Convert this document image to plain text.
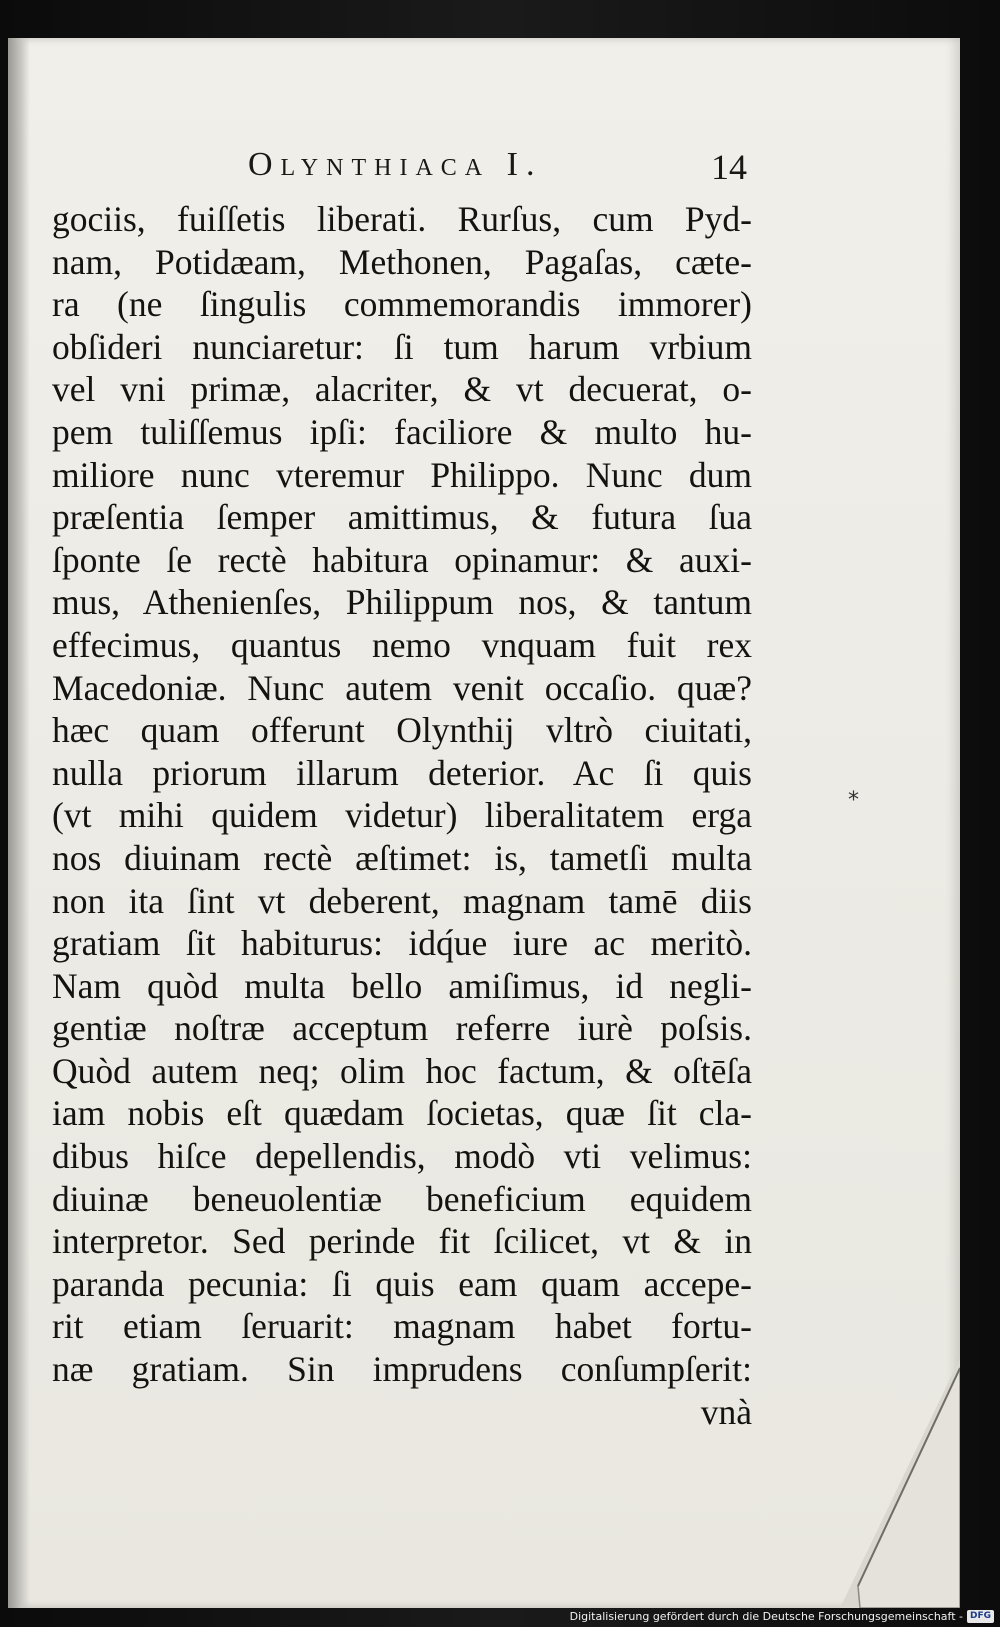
Olynthiaca I.	14
gociis, fuiſſetis liberati. Rurſus, cum Pyd-
nam, Potidæam, Methonen, Pagaſas, cæte-
ra (ne ſingulis commemorandis immorer)
obſideri nunciaretur: ſi tum harum vrbium
vel vni primæ, alacriter, & vt decuerat, o-
pem tuliſſemus ipſi: faciliore & multo hu-
miliore nunc vteremur Philippo. Nunc dum
præſentia ſemper amittimus, & futura ſua
ſponte ſe rectè habitura opinamur: & auxi-
mus, Athenienſes, Philippum nos, & tantum
effecimus, quantus nemo vnquam fuit rex
Macedoniæ. Nunc autem venit occaſio. quæ?
hæc quam offerunt Olynthij vltrò ciuitati,
nulla priorum illarum deterior. Ac ſi quis
(vt mihi quidem videtur) liberalitatem erga
nos diuinam rectè æſtimet: is, tametſi multa
non ita ſint vt deberent, magnam tamē diis
gratiam ſit habiturus: idq́ue iure ac meritò.
Nam quòd multa bello amiſimus, id negli-
gentiæ noſtræ acceptum referre iurè poſsis.
Quòd autem neq; olim hoc factum, & oſtēſa
iam nobis eſt quædam ſocietas, quæ ſit cla-
dibus hiſce depellendis, modò vti velimus:
diuinæ beneuolentiæ beneficium equidem
interpretor. Sed perinde fit ſcilicet, vt & in
paranda pecunia: ſi quis eam quam accepe-
rit etiam ſeruarit: magnam habet fortu-
næ gratiam. Sin imprudens conſumpſerit:
vnà
*
Digitalisierung gefördert durch die Deutsche Forschungsgemeinschaft - DFG
